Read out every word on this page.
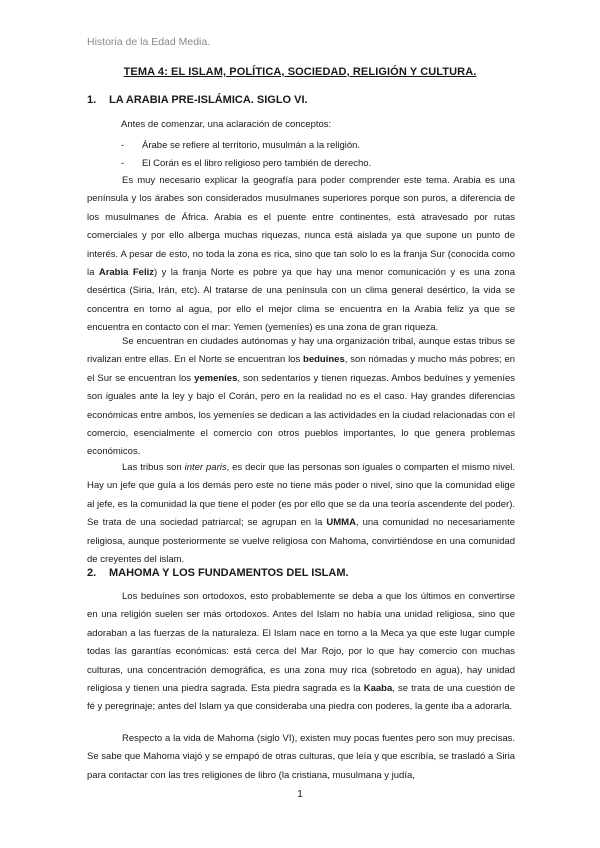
Historia de la Edad Media.
TEMA 4: EL ISLAM, POLÍTICA, SOCIEDAD, RELIGIÓN Y CULTURA.
1. LA ARABIA PRE-ISLÁMICA. SIGLO VI.
Antes de comenzar, una aclaración de conceptos:
- Árabe se refiere al territorio, musulmán a la religión.
- El Corán es el libro religioso pero también de derecho.

Es muy necesario explicar la geografía para poder comprender este tema. Arabia es una península y los árabes son considerados musulmanes superiores porque son puros, a diferencia de los musulmanes de África. Arabia es el puente entre continentes, está atravesado por rutas comerciales y por ello alberga muchas riquezas, nunca está aislada ya que supone un punto de interés. A pesar de esto, no toda la zona es rica, sino que tan solo lo es la franja Sur (conocida como la Arabia Feliz) y la franja Norte es pobre ya que hay una menor comunicación y es una zona desértica (Siria, Irán, etc). Al tratarse de una península con un clima general desértico, la vida se concentra en torno al agua, por ello el mejor clima se encuentra en la Arabia feliz ya que se encuentra en contacto con el mar: Yemen (yemeníes) es una zona de gran riqueza.

Se encuentran en ciudades autónomas y hay una organización tribal, aunque estas tribus se rivalizan entre ellas. En el Norte se encuentran los beduínes, son nómadas y mucho más pobres; en el Sur se encuentran los yemeníes, son sedentarios y tienen riquezas. Ambos beduínes y yemeníes son iguales ante la ley y bajo el Corán, pero en la realidad no es el caso. Hay grandes diferencias económicas entre ambos, los yemeníes se dedican a las actividades en la ciudad relacionadas con el comercio, esencialmente el comercio con otros pueblos importantes, lo que genera problemas económicos.

Las tribus son inter paris, es decir que las personas son iguales o comparten el mismo nivel. Hay un jefe que guía a los demás pero este no tiene más poder o nivel, sino que la comunidad elige al jefe, es la comunidad la que tiene el poder (es por ello que se da una teoría ascendente del poder). Se trata de una sociedad patriarcal; se agrupan en la UMMA, una comunidad no necesariamente religiosa, aunque posteriormente se vuelve religiosa con Mahoma, convirtiéndose en una comunidad de creyentes del islam.

2. MAHOMA Y LOS FUNDAMENTOS DEL ISLAM.

Los beduínes son ortodoxos, esto probablemente se deba a que los últimos en convertirse en una religión suelen ser más ortodoxos. Antes del Islam no había una unidad religiosa, sino que adoraban a las fuerzas de la naturaleza. El Islam nace en torno a la Meca ya que este lugar cumple todas las garantías económicas: está cerca del Mar Rojo, por lo que hay comercio con muchas culturas, una concentración demográfica, es una zona muy rica (sobretodo en agua), hay unidad religiosa y tienen una piedra sagrada. Esta piedra sagrada es la Kaaba, se trata de una cuestión de fé y peregrinaje; antes del Islam ya que consideraba una piedra con poderes, la gente iba a adorarla.

Respecto a la vida de Mahoma (siglo VI), existen muy pocas fuentes pero son muy precisas. Se sabe que Mahoma viajó y se empapó de otras culturas, que leía y que escribía, se trasladó a Siria para contactar con las tres religiones de libro (la cristiana, musulmana y judía,

1
